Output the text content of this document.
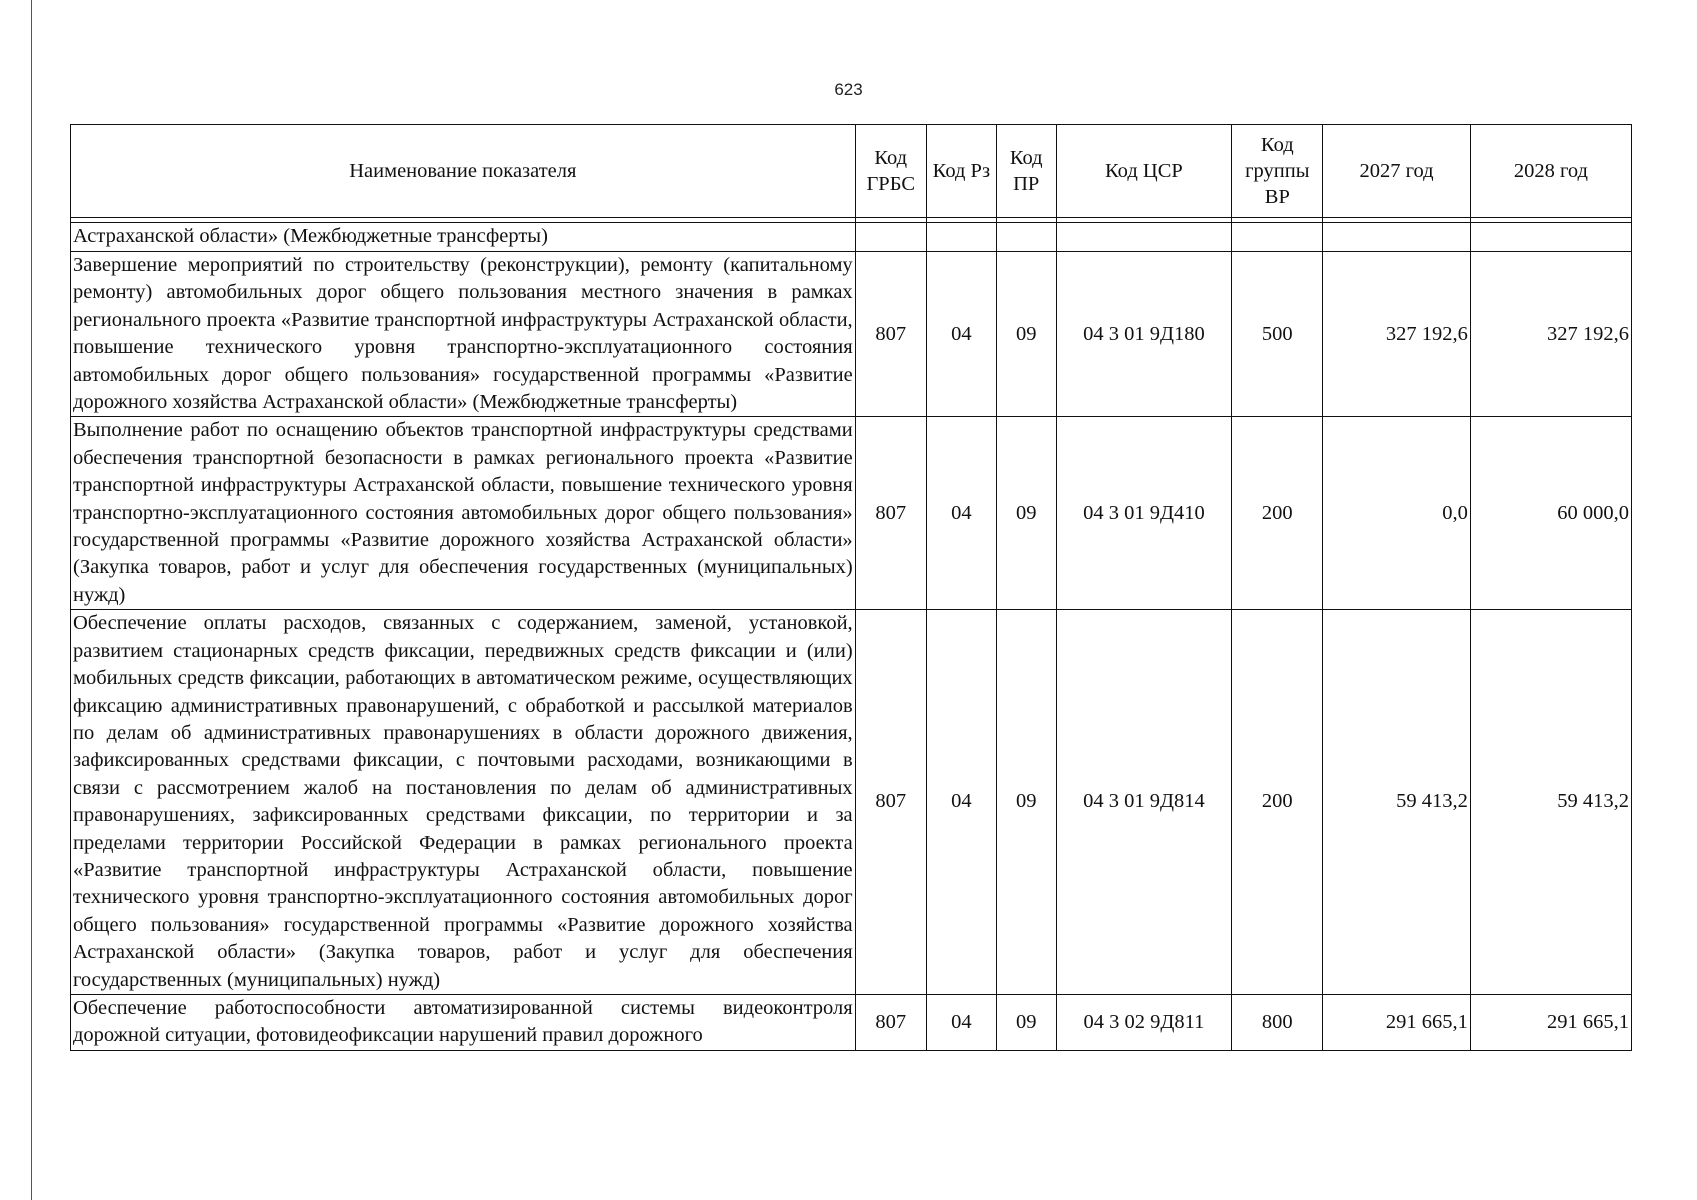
623
Наименование показателя	Код ГРБС	Код Рз	Код ПР	Код ЦСР	Код группы ВР	2027 год	2028 год

Астраханской области» (Межбюджетные трансферты)							
Завершение мероприятий по строительству (реконструкции), ремонту (капитальному ремонту) автомобильных дорог общего пользования местного значения в рамках регионального проекта «Развитие транспортной инфраструктуры Астраханской области, повышение технического уровня транспортно-эксплуатационного состояния автомобильных дорог общего пользования» государственной программы «Развитие дорожного хозяйства Астраханской области» (Межбюджетные трансферты)	807	04	09	04 3 01 9Д180	500	327 192,6	327 192,6
Выполнение работ по оснащению объектов транспортной инфраструктуры средствами обеспечения транспортной безопасности в рамках регионального проекта «Развитие транспортной инфраструктуры Астраханской области, повышение технического уровня транспортно-эксплуатационного состояния автомобильных дорог общего пользования» государственной программы «Развитие дорожного хозяйства Астраханской области» (Закупка товаров, работ и услуг для обеспечения государственных (муниципальных) нужд)	807	04	09	04 3 01 9Д410	200	0,0	60 000,0
Обеспечение оплаты расходов, связанных с содержанием, заменой, установкой, развитием стационарных средств фиксации, передвижных средств фиксации и (или) мобильных средств фиксации, работающих в автоматическом режиме, осуществляющих фиксацию административных правонарушений, с обработкой и рассылкой материалов по делам об административных правонарушениях в области дорожного движения, зафиксированных средствами фиксации, с почтовыми расходами, возникающими в связи с рассмотрением жалоб на постановления по делам об административных правонарушениях, зафиксированных средствами фиксации, по территории и за пределами территории Российской Федерации в рамках регионального проекта «Развитие транспортной инфраструктуры Астраханской области, повышение технического уровня транспортно-эксплуатационного состояния автомобильных дорог общего пользования» государственной программы «Развитие дорожного хозяйства Астраханской области» (Закупка товаров, работ и услуг для обеспечения государственных (муниципальных) нужд)	807	04	09	04 3 01 9Д814	200	59 413,2	59 413,2
Обеспечение работоспособности автоматизированной системы видеоконтроля дорожной ситуации, фотовидеофиксации нарушений правил дорожного	807	04	09	04 3 02 9Д811	800	291 665,1	291 665,1
